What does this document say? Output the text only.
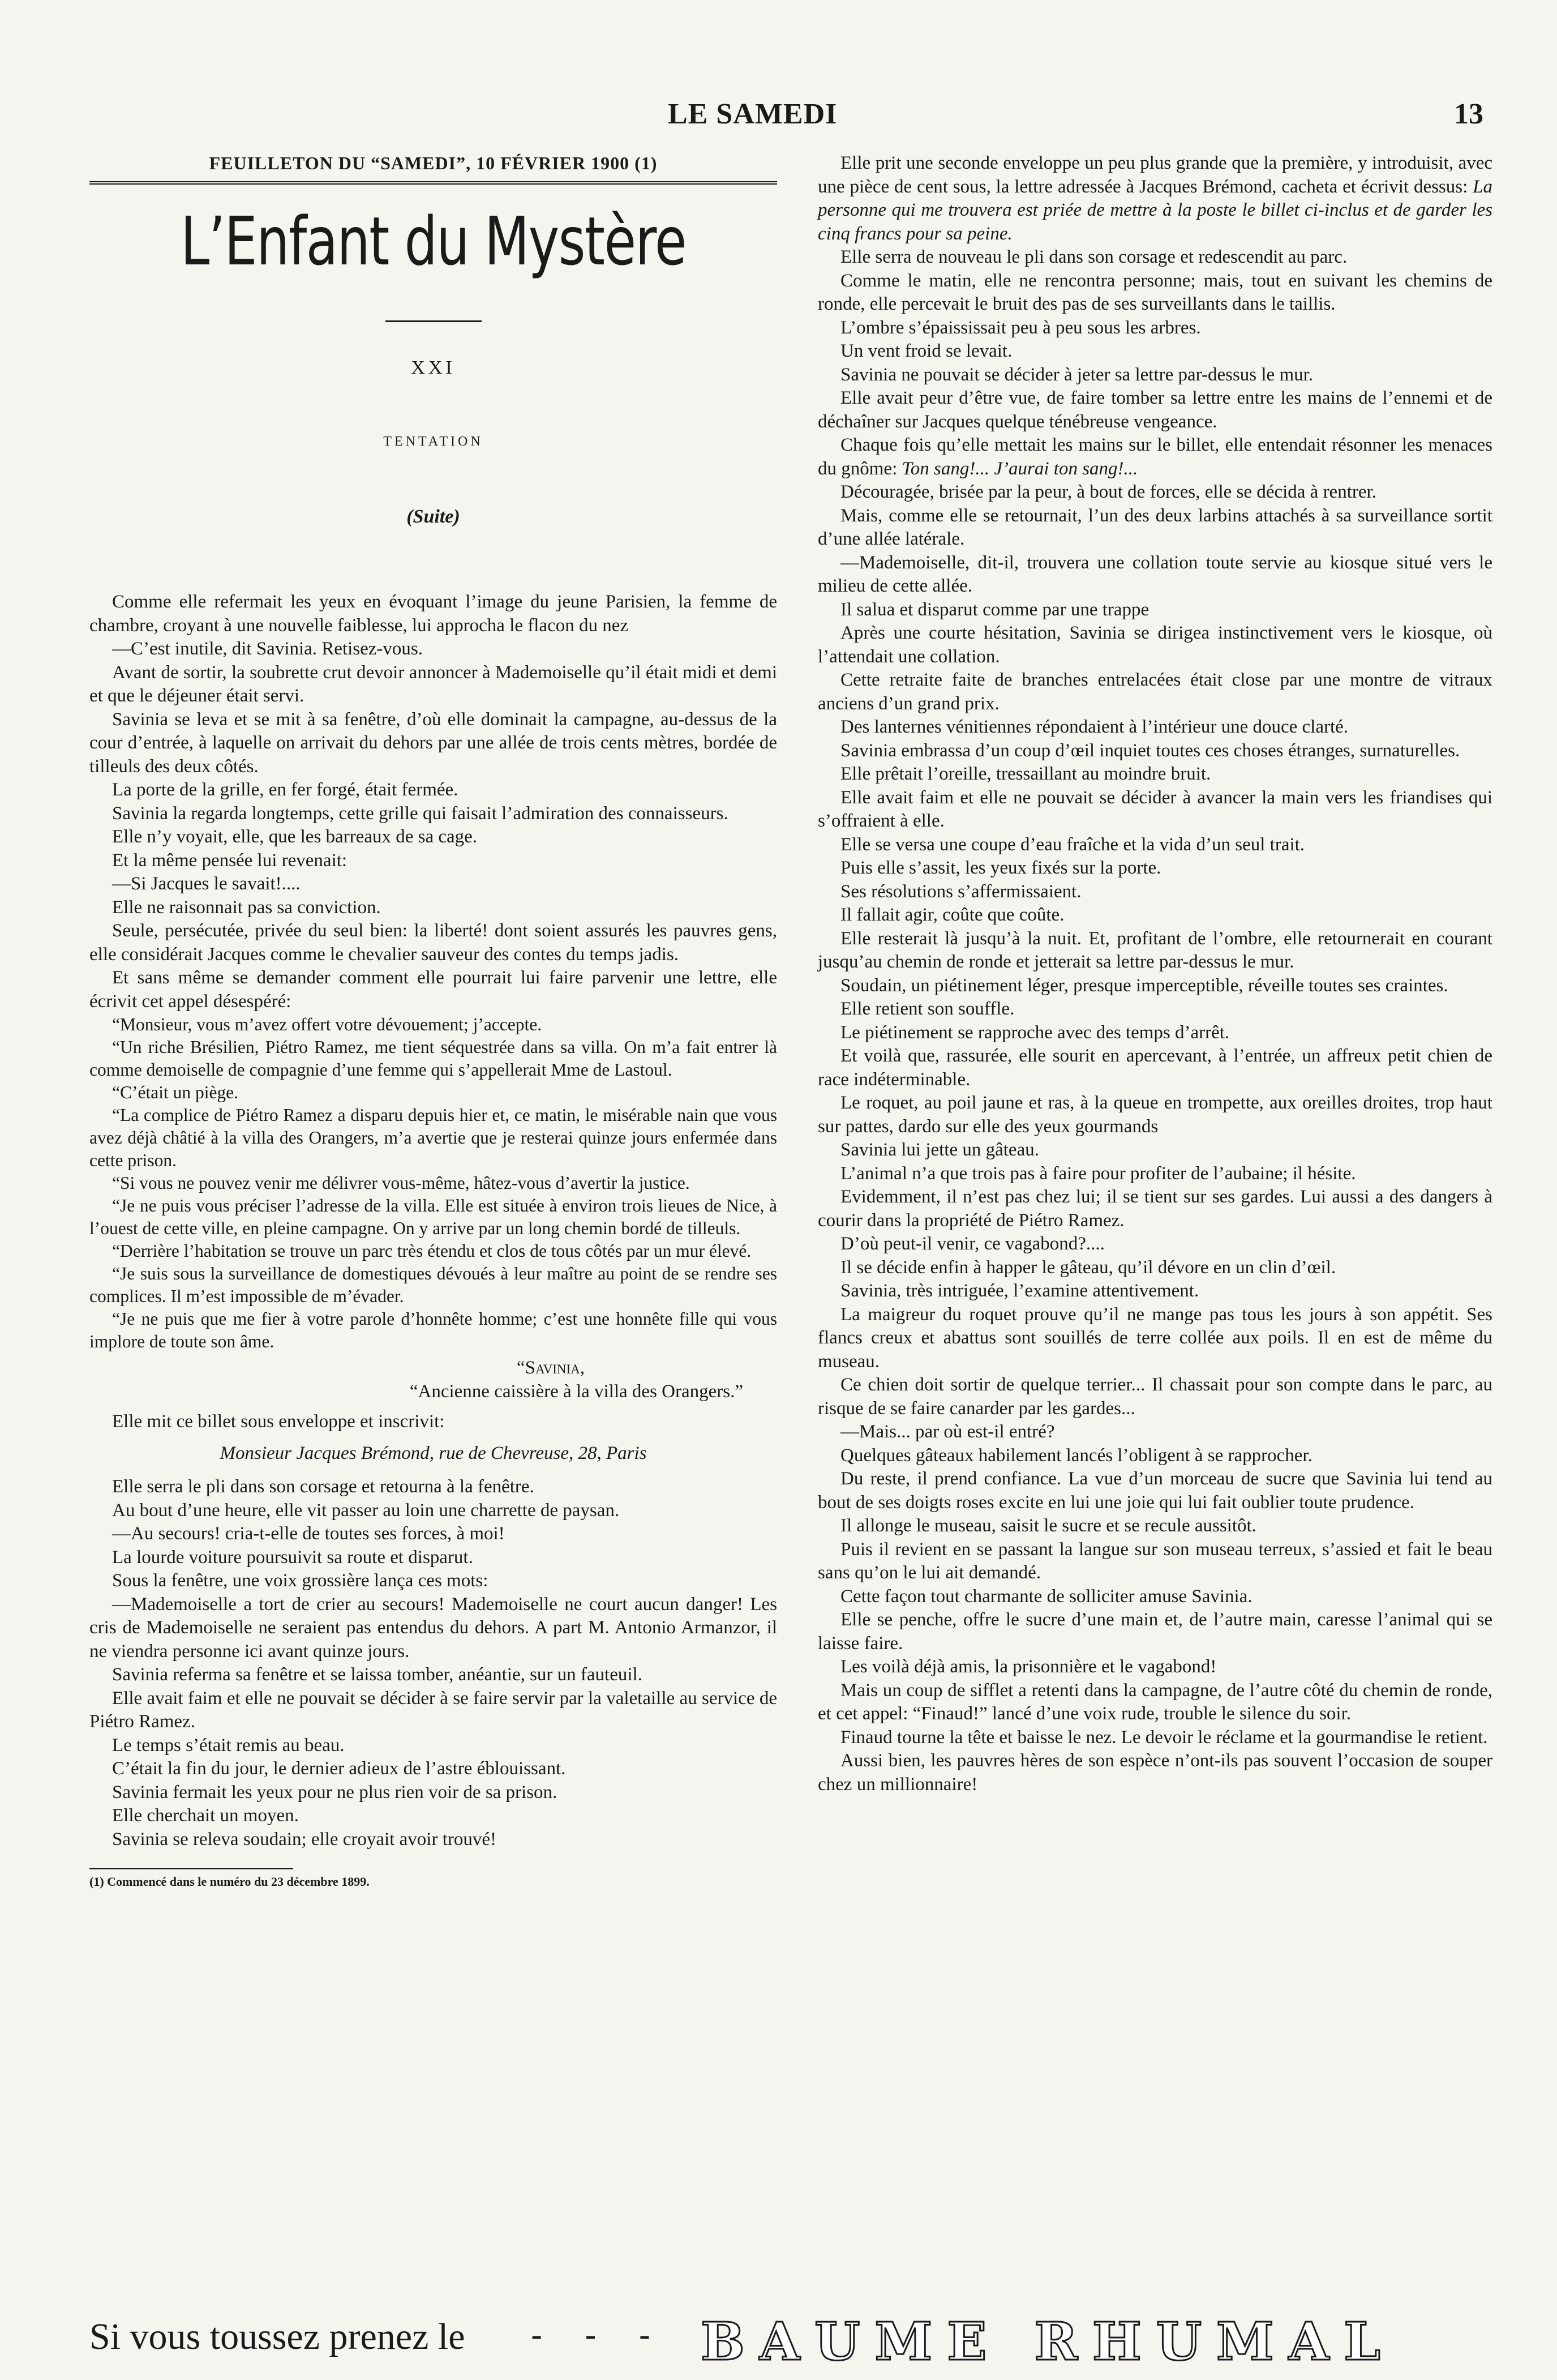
LE SAMEDI	13
FEUILLETON DU “SAMEDI”, 10 FÉVRIER 1900 (1)
L’Enfant du Mystère
XXI
TENTATION
(Suite)

Comme elle refermait les yeux en évoquant l’image du jeune Parisien, la femme de chambre, croyant à une nouvelle faiblesse, lui approcha le flacon du nez

—C’est inutile, dit Savinia. Retisez-vous.

Avant de sortir, la soubrette crut devoir annoncer à Mademoiselle qu’il était midi et demi et que le déjeuner était servi.

Savinia se leva et se mit à sa fenêtre, d’où elle dominait la campagne, au-dessus de la cour d’entrée, à laquelle on arrivait du dehors par une allée de trois cents mètres, bordée de tilleuls des deux côtés.

La porte de la grille, en fer forgé, était fermée.

Savinia la regarda longtemps, cette grille qui faisait l’admiration des connaisseurs.

Elle n’y voyait, elle, que les barreaux de sa cage.

Et la même pensée lui revenait:

—Si Jacques le savait!....

Elle ne raisonnait pas sa conviction.

Seule, persécutée, privée du seul bien: la liberté! dont soient assurés les pauvres gens, elle considérait Jacques comme le chevalier sauveur des contes du temps jadis.

Et sans même se demander comment elle pourrait lui faire parvenir une lettre, elle écrivit cet appel désespéré:

“Monsieur, vous m’avez offert votre dévouement; j’accepte.

“Un riche Brésilien, Piétro Ramez, me tient séquestrée dans sa villa. On m’a fait entrer là comme demoiselle de compagnie d’une femme qui s’appellerait Mme de Lastoul.

“C’était un piège.

“La complice de Piétro Ramez a disparu depuis hier et, ce matin, le misérable nain que vous avez déjà châtié à la villa des Orangers, m’a avertie que je resterai quinze jours enfermée dans cette prison.

“Si vous ne pouvez venir me délivrer vous-même, hâtez-vous d’avertir la justice.

“Je ne puis vous préciser l’adresse de la villa. Elle est située à environ trois lieues de Nice, à l’ouest de cette ville, en pleine campagne. On y arrive par un long chemin bordé de tilleuls.

“Derrière l’habitation se trouve un parc très étendu et clos de tous côtés par un mur élevé.

“Je suis sous la surveillance de domestiques dévoués à leur maître au point de se rendre ses complices. Il m’est impossible de m’évader.

“Je ne puis que me fier à votre parole d’honnête homme; c’est une honnête fille qui vous implore de toute son âme.

“Savinia,
“Ancienne caissière à la villa des Orangers.”

Elle mit ce billet sous enveloppe et inscrivit:

Monsieur Jacques Brémond, rue de Chevreuse, 28, Paris

Elle serra le pli dans son corsage et retourna à la fenêtre.

Au bout d’une heure, elle vit passer au loin une charrette de paysan.

—Au secours! cria-t-elle de toutes ses forces, à moi!

La lourde voiture poursuivit sa route et disparut.

Sous la fenêtre, une voix grossière lança ces mots:

—Mademoiselle a tort de crier au secours! Mademoiselle ne court aucun danger! Les cris de Mademoiselle ne seraient pas entendus du dehors. A part M. Antonio Armanzor, il ne viendra personne ici avant quinze jours.

Savinia referma sa fenêtre et se laissa tomber, anéantie, sur un fauteuil.

Elle avait faim et elle ne pouvait se décider à se faire servir par la valetaille au service de Piétro Ramez.

Le temps s’était remis au beau.

C’était la fin du jour, le dernier adieux de l’astre éblouissant.

Savinia fermait les yeux pour ne plus rien voir de sa prison.

Elle cherchait un moyen.

Savinia se releva soudain; elle croyait avoir trouvé!

(1) Commencé dans le numéro du 23 décembre 1899.

Elle prit une seconde enveloppe un peu plus grande que la première, y introduisit, avec une pièce de cent sous, la lettre adressée à Jacques Brémond, cacheta et écrivit dessus: La personne qui me trouvera est priée de mettre à la poste le billet ci-inclus et de garder les cinq francs pour sa peine.

Elle serra de nouveau le pli dans son corsage et redescendit au parc.

Comme le matin, elle ne rencontra personne; mais, tout en suivant les chemins de ronde, elle percevait le bruit des pas de ses surveillants dans le taillis.

L’ombre s’épaississait peu à peu sous les arbres.

Un vent froid se levait.

Savinia ne pouvait se décider à jeter sa lettre par-dessus le mur.

Elle avait peur d’être vue, de faire tomber sa lettre entre les mains de l’ennemi et de déchaîner sur Jacques quelque ténébreuse vengeance.

Chaque fois qu’elle mettait les mains sur le billet, elle entendait résonner les menaces du gnôme: Ton sang!... J’aurai ton sang!...

Découragée, brisée par la peur, à bout de forces, elle se décida à rentrer.

Mais, comme elle se retournait, l’un des deux larbins attachés à sa surveillance sortit d’une allée latérale.

—Mademoiselle, dit-il, trouvera une collation toute servie au kiosque situé vers le milieu de cette allée.

Il salua et disparut comme par une trappe

Après une courte hésitation, Savinia se dirigea instinctivement vers le kiosque, où l’attendait une collation.

Cette retraite faite de branches entrelacées était close par une montre de vitraux anciens d’un grand prix.

Des lanternes vénitiennes répondaient à l’intérieur une douce clarté.

Savinia embrassa d’un coup d’œil inquiet toutes ces choses étranges, surnaturelles.

Elle prêtait l’oreille, tressaillant au moindre bruit.

Elle avait faim et elle ne pouvait se décider à avancer la main vers les friandises qui s’offraient à elle.

Elle se versa une coupe d’eau fraîche et la vida d’un seul trait.

Puis elle s’assit, les yeux fixés sur la porte.

Ses résolutions s’affermissaient.

Il fallait agir, coûte que coûte.

Elle resterait là jusqu’à la nuit. Et, profitant de l’ombre, elle retournerait en courant jusqu’au chemin de ronde et jetterait sa lettre par-dessus le mur.

Soudain, un piétinement léger, presque imperceptible, réveille toutes ses craintes.

Elle retient son souffle.

Le piétinement se rapproche avec des temps d’arrêt.

Et voilà que, rassurée, elle sourit en apercevant, à l’entrée, un affreux petit chien de race indéterminable.

Le roquet, au poil jaune et ras, à la queue en trompette, aux oreilles droites, trop haut sur pattes, dardo sur elle des yeux gourmands

Savinia lui jette un gâteau.

L’animal n’a que trois pas à faire pour profiter de l’aubaine; il hésite.

Evidemment, il n’est pas chez lui; il se tient sur ses gardes. Lui aussi a des dangers à courir dans la propriété de Piétro Ramez.

D’où peut-il venir, ce vagabond?....

Il se décide enfin à happer le gâteau, qu’il dévore en un clin d’œil.

Savinia, très intriguée, l’examine attentivement.

La maigreur du roquet prouve qu’il ne mange pas tous les jours à son appétit. Ses flancs creux et abattus sont souillés de terre collée aux poils. Il en est de même du museau.

Ce chien doit sortir de quelque terrier... Il chassait pour son compte dans le parc, au risque de se faire canarder par les gardes...

—Mais... par où est-il entré?

Quelques gâteaux habilement lancés l’obligent à se rapprocher.

Du reste, il prend confiance. La vue d’un morceau de sucre que Savinia lui tend au bout de ses doigts roses excite en lui une joie qui lui fait oublier toute prudence.

Il allonge le museau, saisit le sucre et se recule aussitôt.

Puis il revient en se passant la langue sur son museau terreux, s’assied et fait le beau sans qu’on le lui ait demandé.

Cette façon tout charmante de solliciter amuse Savinia.

Elle se penche, offre le sucre d’une main et, de l’autre main, caresse l’animal qui se laisse faire.

Les voilà déjà amis, la prisonnière et le vagabond!

Mais un coup de sifflet a retenti dans la campagne, de l’autre côté du chemin de ronde, et cet appel: “Finaud!” lancé d’une voix rude, trouble le silence du soir.

Finaud tourne la tête et baisse le nez. Le devoir le réclame et la gourmandise le retient.

Aussi bien, les pauvres hères de son espèce n’ont-ils pas souvent l’occasion de souper chez un millionnaire!

Si vous toussez prenez le - - - BAUME RHUMAL
